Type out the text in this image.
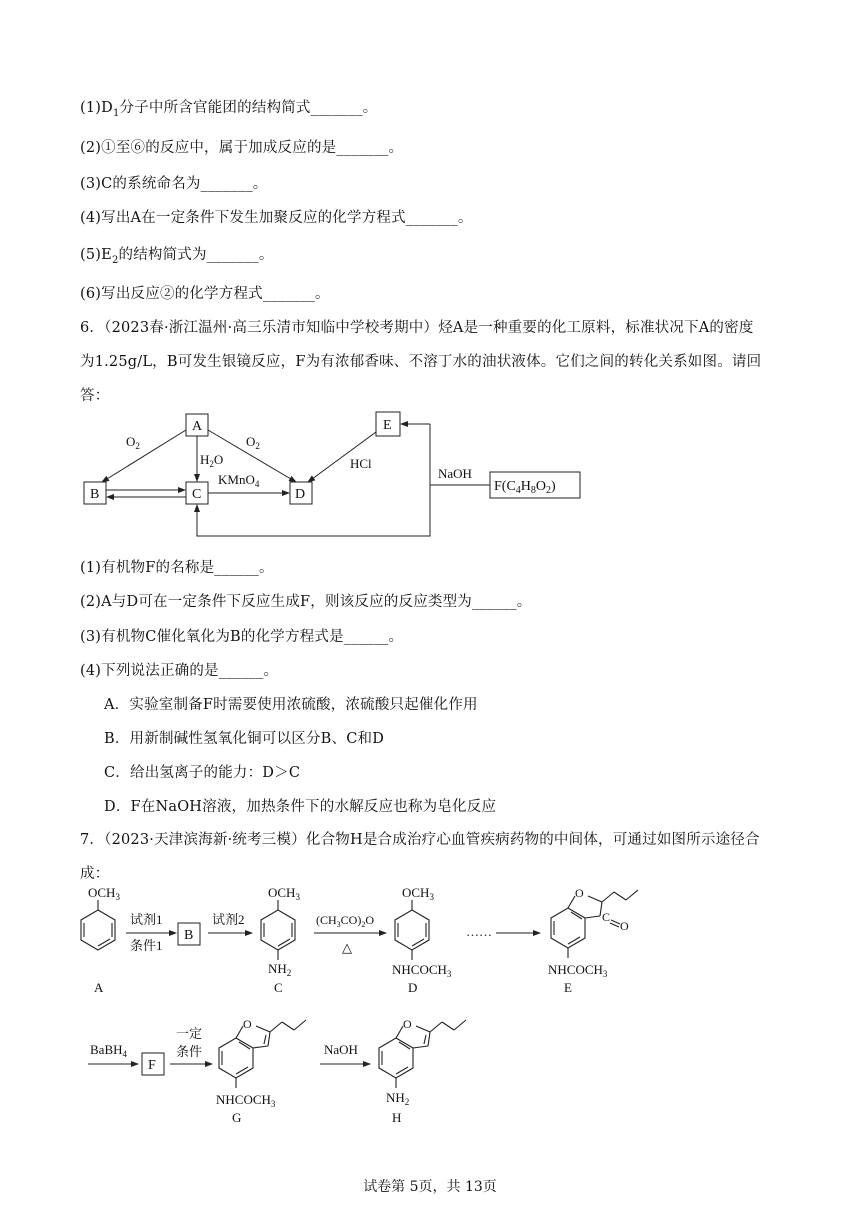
$(1)D_1$分子中所含官能团的结构简式_______。
(2)①至⑥的反应中，属于加成反应的是_______。
(3)C的系统命名为_______。
(4)写出A在一定条件下发生加聚反应的化学方程式_______。
$(5)E_2$的结构简式为_______。
(6)写出反应②的化学方程式_______。
6．（2023春·浙江温州·高三乐清市知临中学校考期中）烃A是一种重要的化工原料，标准状况下A的密度
为1.25g/L，B可发生银镜反应，F为有浓郁香味、不溶丁水的油状液体。它们之间的转化关系如图。请回
答：
A
B	C	D
E
$F(C_4H_8O_2)$
$O_2$	$O_2$
$H_2O$
KMnO$_4$
HCl
NaOH
(1)有机物F的名称是______。
(2)A与D可在一定条件下反应生成F，则该反应的反应类型为______。
(3)有机物C催化氧化为B的化学方程式是______。
(4)下列说法正确的是______。
A．实验室制备F时需要使用浓硫酸，浓硫酸只起催化作用
B．用新制碱性氢氧化铜可以区分B、C和D
C．给出氢离子的能力：D＞C
D．F在NaOH溶液，加热条件下的水解反应也称为皂化反应
7．（2023·天津滨海新·统考三模）化合物H是合成治疗心血管疾病药物的中间体，可通过如图所示途径合
成：
$OCH_3$
A
试剂1
条件1
B
试剂2
$OCH_3$
$NH_2$
C
$(CH_3CO)_2O$
△
$OCH_3$
$NHCOCH_3$
D
……
O
C
O
$NHCOCH_3$
E
BaBH$_4$
F
一定
条件
O
$NHCOCH_3$
G
NaOH
O
$NH_2$
H
试卷第 5页，共 13页
